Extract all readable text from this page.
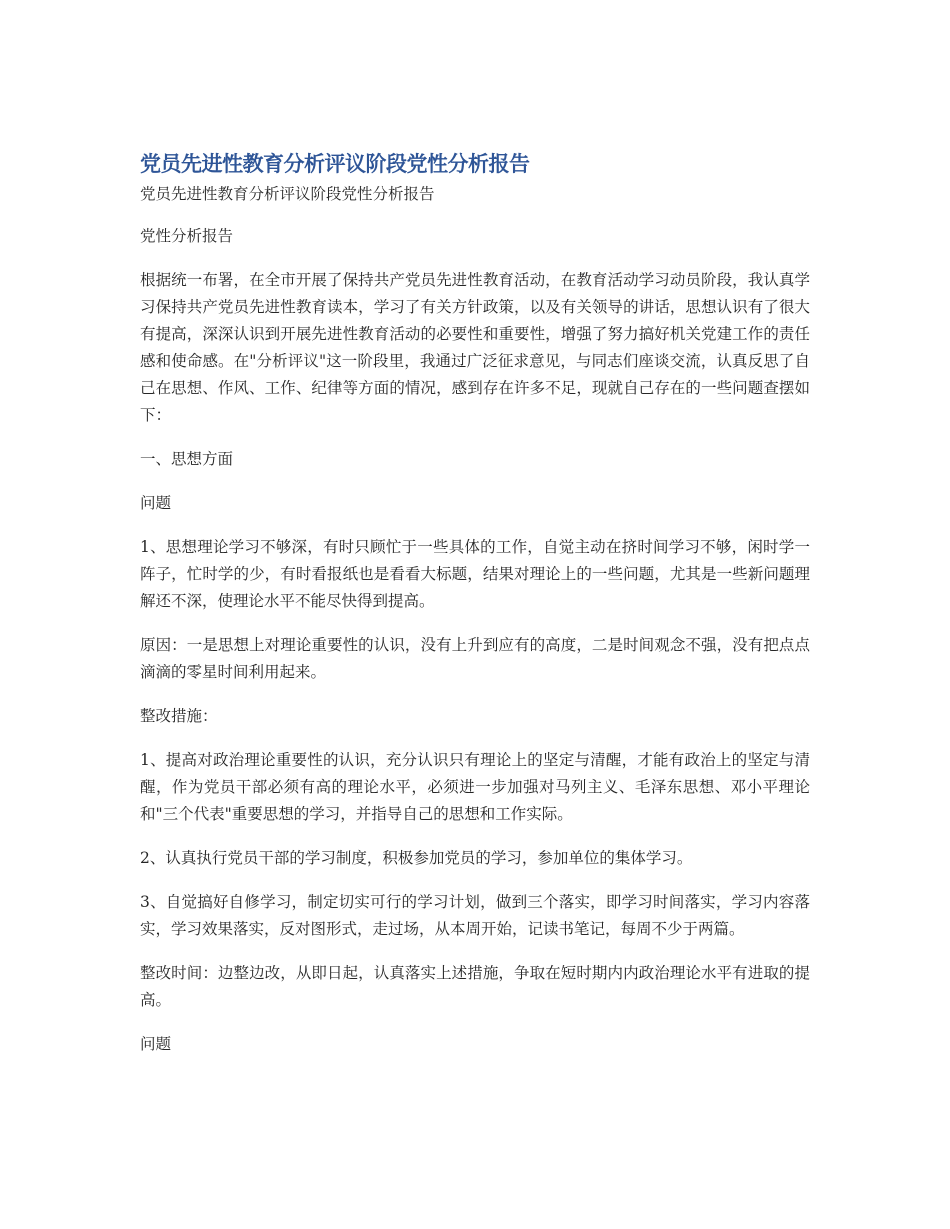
党员先进性教育分析评议阶段党性分析报告

党员先进性教育分析评议阶段党性分析报告

党性分析报告

根据统一布署，在全市开展了保持共产党员先进性教育活动，在教育活动学习动员阶段，我认真学习保持共产党员先进性教育读本，学习了有关方针政策，以及有关领导的讲话，思想认识有了很大有提高，深深认识到开展先进性教育活动的必要性和重要性，增强了努力搞好机关党建工作的责任感和使命感。在"分析评议"这一阶段里，我通过广泛征求意见，与同志们座谈交流，认真反思了自己在思想、作风、工作、纪律等方面的情况，感到存在许多不足，现就自己存在的一些问题查摆如下：

一、思想方面

问题

1、思想理论学习不够深，有时只顾忙于一些具体的工作，自觉主动在挤时间学习不够，闲时学一阵子，忙时学的少，有时看报纸也是看看大标题，结果对理论上的一些问题，尤其是一些新问题理解还不深，使理论水平不能尽快得到提高。

原因：一是思想上对理论重要性的认识，没有上升到应有的高度，二是时间观念不强，没有把点点滴滴的零星时间利用起来。

整改措施：

1、提高对政治理论重要性的认识，充分认识只有理论上的坚定与清醒，才能有政治上的坚定与清醒，作为党员干部必须有高的理论水平，必须进一步加强对马列主义、毛泽东思想、邓小平理论和"三个代表"重要思想的学习，并指导自己的思想和工作实际。

2、认真执行党员干部的学习制度，积极参加党员的学习，参加单位的集体学习。

3、自觉搞好自修学习，制定切实可行的学习计划，做到三个落实，即学习时间落实，学习内容落实，学习效果落实，反对图形式，走过场，从本周开始，记读书笔记，每周不少于两篇。

整改时间：边整边改，从即日起，认真落实上述措施，争取在短时期内内政治理论水平有进取的提高。

问题
